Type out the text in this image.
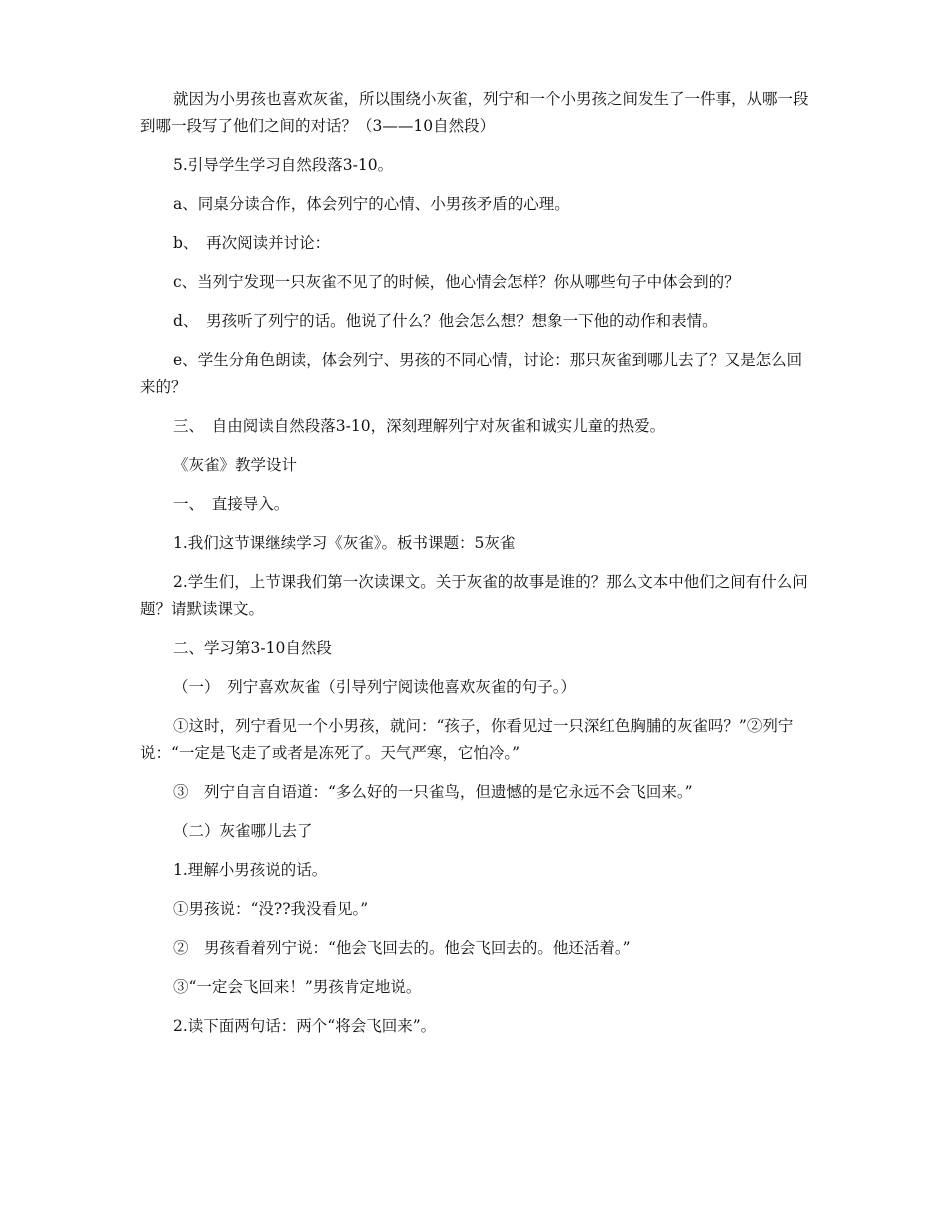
就因为小男孩也喜欢灰雀，所以围绕小灰雀，列宁和一个小男孩之间发生了一件事，从哪一段到哪一段写了他们之间的对话？（3——10自然段）

5.引导学生学习自然段落3-10。

a、同桌分读合作，体会列宁的心情、小男孩矛盾的心理。

b、　再次阅读并讨论：

c、当列宁发现一只灰雀不见了的时候，他心情会怎样？你从哪些句子中体会到的？

d、　男孩听了列宁的话。他说了什么？他会怎么想？想象一下他的动作和表情。

e、学生分角色朗读，体会列宁、男孩的不同心情，讨论：那只灰雀到哪儿去了？又是怎么回来的？

三、　自由阅读自然段落3-10，深刻理解列宁对灰雀和诚实儿童的热爱。

《灰雀》教学设计

一、　直接导入。

1.我们这节课继续学习《灰雀》。板书课题：5灰雀

2.学生们，上节课我们第一次读课文。关于灰雀的故事是谁的？那么文本中他们之间有什么问题？请默读课文。

二、学习第3-10自然段

（一）　列宁喜欢灰雀（引导列宁阅读他喜欢灰雀的句子。）

①这时，列宁看见一个小男孩，就问：“孩子，你看见过一只深红色胸脯的灰雀吗？”②列宁说：“一定是飞走了或者是冻死了。天气严寒，它怕冷。”

③　列宁自言自语道：“多么好的一只雀鸟，但遗憾的是它永远不会飞回来。”

（二）灰雀哪儿去了

1.理解小男孩说的话。

①男孩说：“没??我没看见。”

②　男孩看着列宁说：“他会飞回去的。他会飞回去的。他还活着。”

③“一定会飞回来！”男孩肯定地说。

2.读下面两句话：两个“将会飞回来”。
